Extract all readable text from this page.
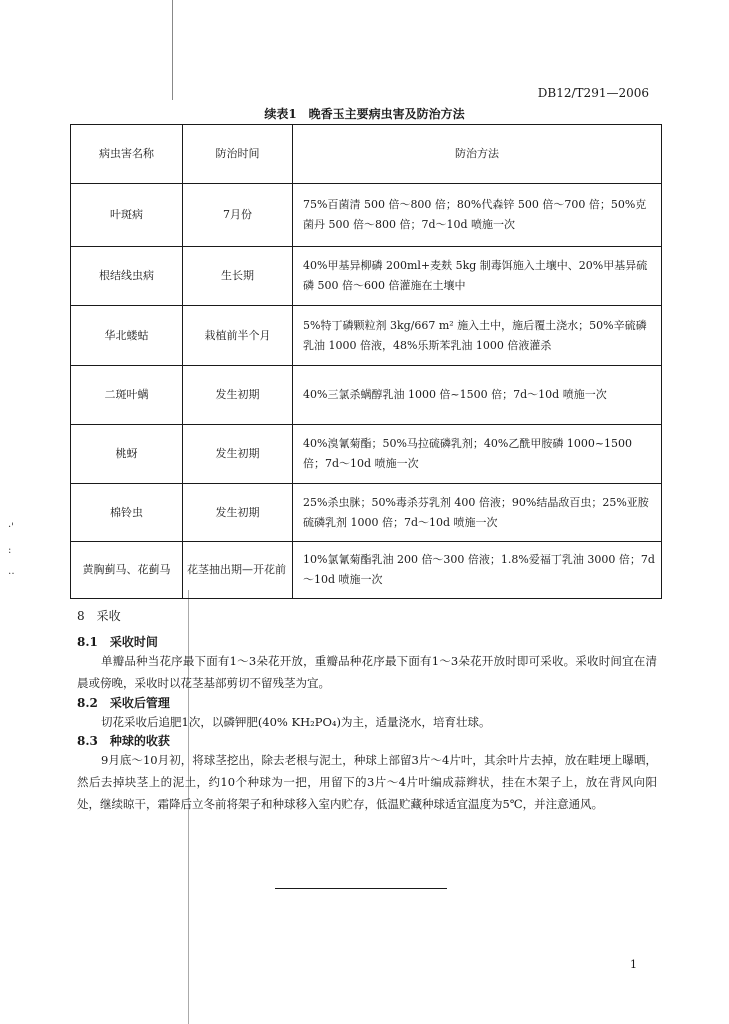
·'
:
‥
DB12/T291—2006
续表1　晚香玉主要病虫害及防治方法
病虫害名称	防治时间	防治方法
叶斑病	7月份	75%百菌清 500 倍～800 倍；80%代森锌 500 倍～700 倍；50%克菌丹 500 倍～800 倍；7d～10d 喷施一次
根结线虫病	生长期	40%甲基异柳磷 200ml+麦麸 5kg 制毒饵施入土壤中、20%甲基异硫磷 500 倍～600 倍灌施在土壤中
华北蝼蛄	栽植前半个月	5%特丁磷颗粒剂 3kg/667 m² 施入土中，施后覆土浇水；50%辛硫磷乳油 1000 倍液，48%乐斯苯乳油 1000 倍液灌杀
二斑叶螨	发生初期	40%三氯杀螨醇乳油 1000 倍~1500 倍；7d～10d 喷施一次
桃蚜	发生初期	40%溴氰菊酯；50%马拉硫磷乳剂；40%乙酰甲胺磷 1000~1500 倍；7d～10d 喷施一次
棉铃虫	发生初期	25%杀虫脒；50%毒杀芬乳剂 400 倍液；90%结晶敌百虫；25%亚胺硫磷乳剂 1000 倍；7d～10d 喷施一次
黄胸蓟马、花蓟马	花茎抽出期—开花前	10%氯氰菊酯乳油 200 倍～300 倍液；1.8%爱福丁乳油 3000 倍；7d～10d 喷施一次
8　采收
8.1　采收时间
单瓣品种当花序最下面有1～3朵花开放，重瓣品种花序最下面有1～3朵花开放时即可采收。采收时间宜在清晨或傍晚，采收时以花茎基部剪切不留残茎为宜。
8.2　采收后管理
切花采收后追肥1次，以磷钾肥(40% KH₂PO₄)为主，适量浇水，培育壮球。
8.3　种球的收获
9月底～10月初，将球茎挖出，除去老根与泥土，种球上部留3片～4片叶，其余叶片去掉，放在畦埂上曝晒，然后去掉块茎上的泥土，约10个种球为一把，用留下的3片～4片叶编成蒜辫状，挂在木架子上，放在背风向阳处，继续晾干，霜降后立冬前将架子和种球移入室内贮存，低温贮藏种球适宜温度为5℃，并注意通风。
1
